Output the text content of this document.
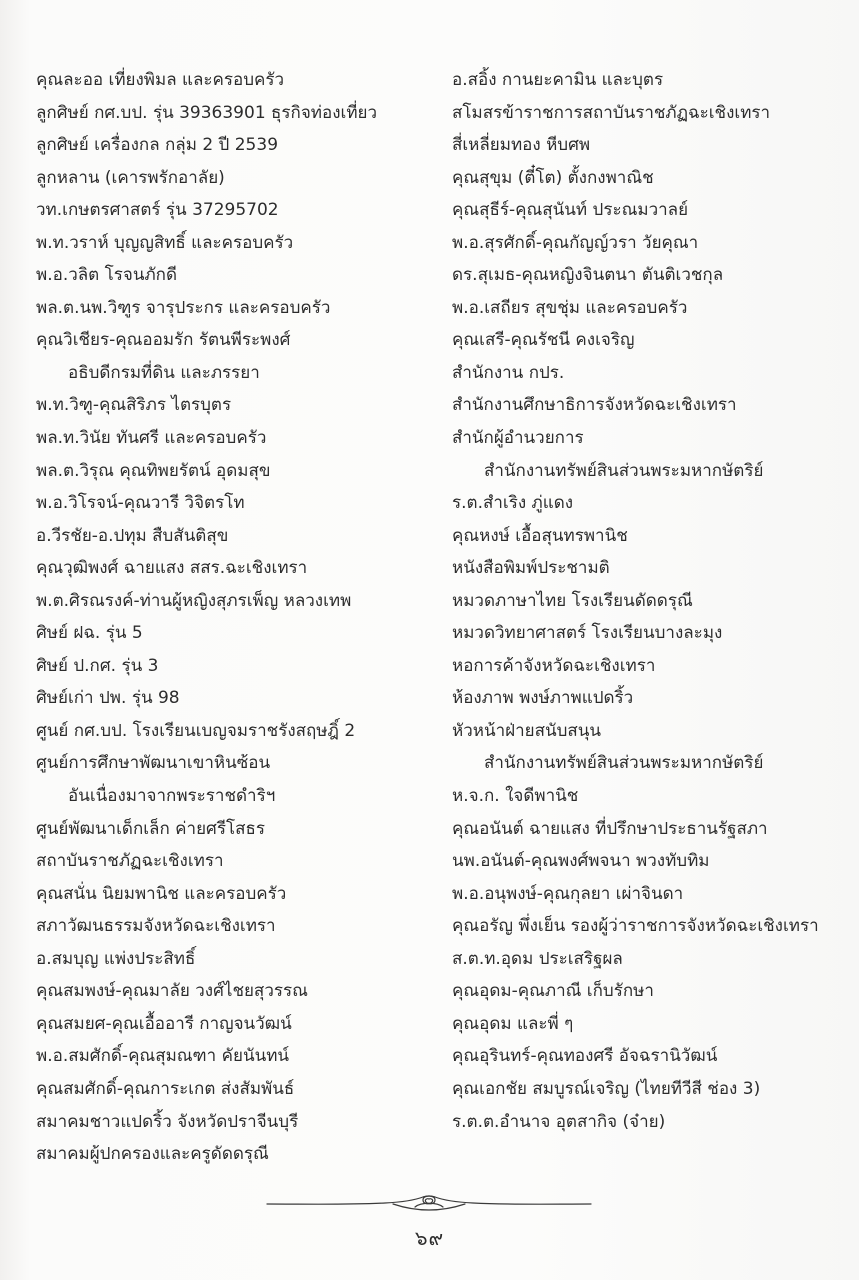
คุณละออ เที่ยงพิมล และครอบครัว
ลูกศิษย์ กศ.บป. รุ่น 39363901 ธุรกิจท่องเที่ยว
ลูกศิษย์ เครื่องกล กลุ่ม 2 ปี 2539
ลูกหลาน (เคารพรักอาลัย)
วท.เกษตรศาสตร์ รุ่น 37295702
พ.ท.วราห์ บุญญสิทธิ์ และครอบครัว
พ.อ.วลิต โรจนภักดี
พล.ต.นพ.วิฑูร จารุประกร และครอบครัว
คุณวิเชียร-คุณออมรัก รัตนพีระพงศ์
อธิบดีกรมที่ดิน และภรรยา
พ.ท.วิฑู-คุณสิริภร ไตรบุตร
พล.ท.วินัย ทันศรี และครอบครัว
พล.ต.วิรุณ คุณทิพยรัตน์ อุดมสุข
พ.อ.วิโรจน์-คุณวารี วิจิตรโท
อ.วีรชัย-อ.ปทุม สืบสันติสุข
คุณวุฒิพงศ์ ฉายแสง สสร.ฉะเชิงเทรา
พ.ต.ศิรณรงค์-ท่านผู้หญิงสุภรเพ็ญ หลวงเทพ
ศิษย์ ฝฉ. รุ่น 5
ศิษย์ ป.กศ. รุ่น 3
ศิษย์เก่า ปพ. รุ่น 98
ศูนย์ กศ.บป. โรงเรียนเบญจมราชรังสฤษฎิ์ 2
ศูนย์การศึกษาพัฒนาเขาหินซ้อน
อันเนื่องมาจากพระราชดำริฯ
ศูนย์พัฒนาเด็กเล็ก ค่ายศรีโสธร
สถาบันราชภัฏฉะเชิงเทรา
คุณสนั่น นิยมพานิช และครอบครัว
สภาวัฒนธรรมจังหวัดฉะเชิงเทรา
อ.สมบุญ แพ่งประสิทธิ์
คุณสมพงษ์-คุณมาลัย วงศ์ไชยสุวรรณ
คุณสมยศ-คุณเอื้ออารี กาญจนวัฒน์
พ.อ.สมศักดิ์-คุณสุมณฑา คัยนันทน์
คุณสมศักดิ์-คุณการะเกต ส่งสัมพันธ์
สมาคมชาวแปดริ้ว จังหวัดปราจีนบุรี
สมาคมผู้ปกครองและครูดัดดรุณี
อ.สอิ้ง กานยะคามิน และบุตร
สโมสรข้าราชการสถาบันราชภัฏฉะเชิงเทรา
สี่เหลี่ยมทอง หีบศพ
คุณสุขุม (ตี๋โต) ตั้งกงพาณิช
คุณสุธีร์-คุณสุนันท์ ประณมวาลย์
พ.อ.สุรศักดิ์-คุณกัญญ์วรา วัยคุณา
ดร.สุเมธ-คุณหญิงจินตนา ตันติเวชกุล
พ.อ.เสถียร สุขชุ่ม และครอบครัว
คุณเสรี-คุณรัชนี คงเจริญ
สำนักงาน กปร.
สำนักงานศึกษาธิการจังหวัดฉะเชิงเทรา
สำนักผู้อำนวยการ
สำนักงานทรัพย์สินส่วนพระมหากษัตริย์
ร.ต.สำเริง ภู่แดง
คุณหงษ์ เอื้อสุนทรพานิช
หนังสือพิมพ์ประชามติ
หมวดภาษาไทย โรงเรียนดัดดรุณี
หมวดวิทยาศาสตร์ โรงเรียนบางละมุง
หอการค้าจังหวัดฉะเชิงเทรา
ห้องภาพ พงษ์ภาพแปดริ้ว
หัวหน้าฝ่ายสนับสนุน
สำนักงานทรัพย์สินส่วนพระมหากษัตริย์
ห.จ.ก. ใจดีพานิช
คุณอนันต์ ฉายแสง ที่ปรึกษาประธานรัฐสภา
นพ.อนันต์-คุณพงศ์พจนา พวงทับทิม
พ.อ.อนุพงษ์-คุณกุลยา เผ่าจินดา
คุณอรัญ พึ่งเย็น รองผู้ว่าราชการจังหวัดฉะเชิงเทรา
ส.ต.ท.อุดม ประเสริฐผล
คุณอุดม-คุณภาณี เก็บรักษา
คุณอุดม และพี่ ๆ
คุณอุรินทร์-คุณทองศรี อัจฉรานิวัฒน์
คุณเอกชัย สมบูรณ์เจริญ (ไทยทีวีสี ช่อง 3)
ร.ต.ต.อำนาจ อุตสากิจ (จ๋าย)
๖๙
